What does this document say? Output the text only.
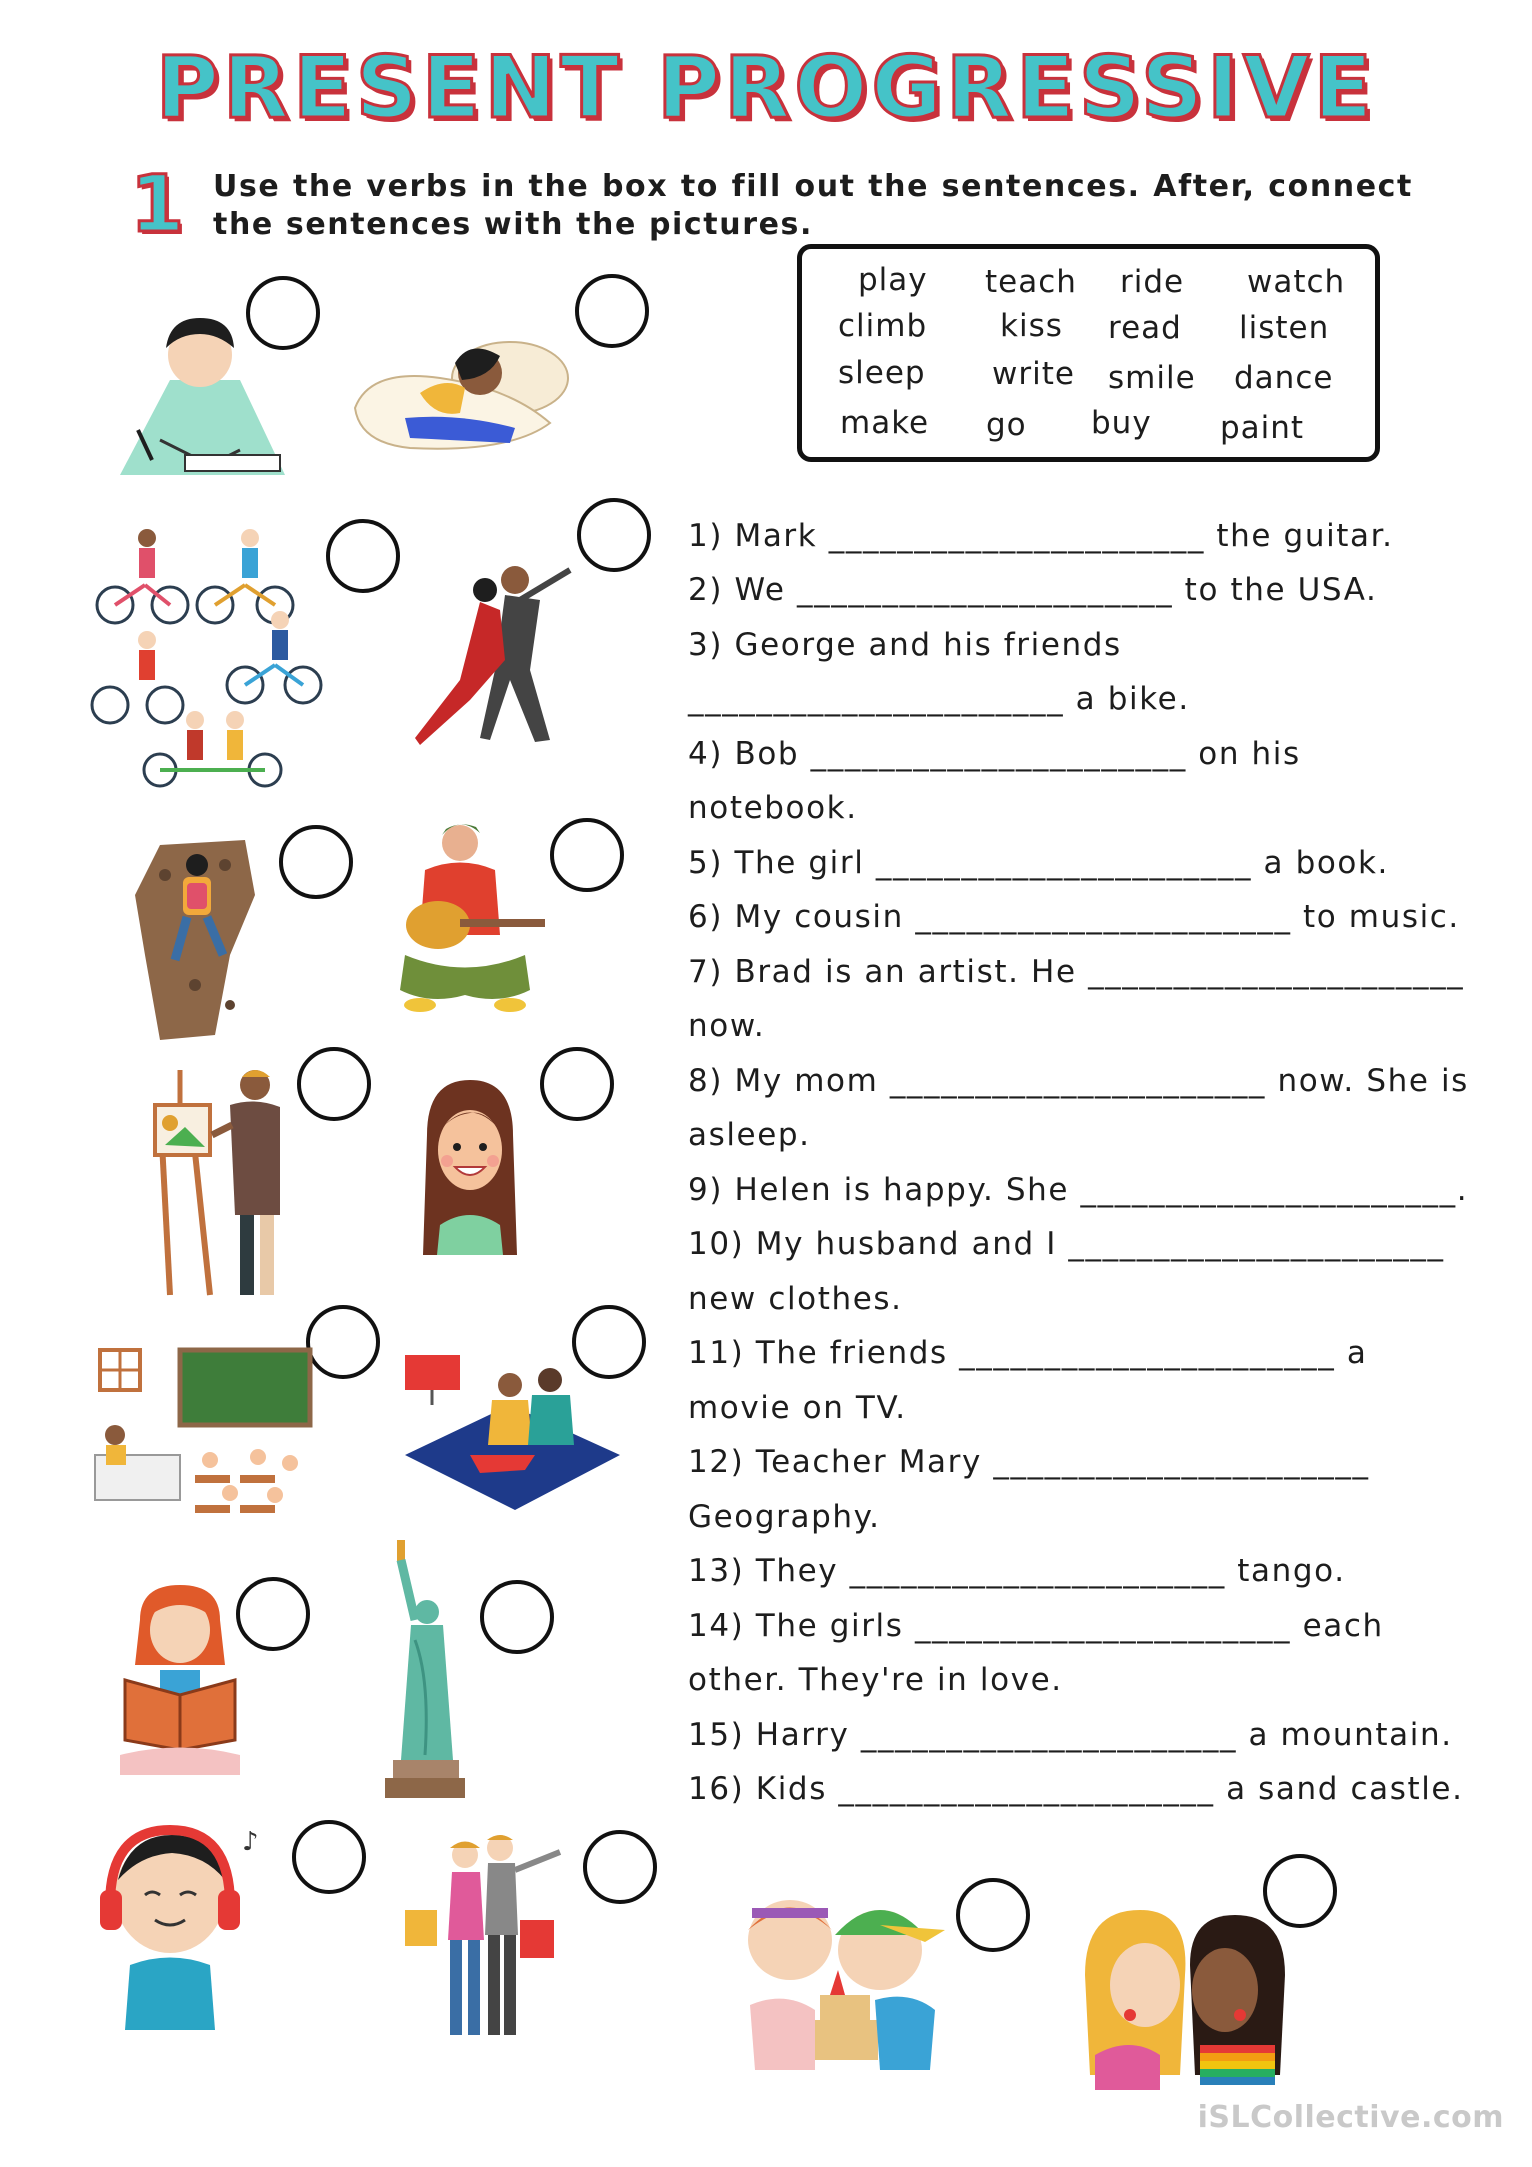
PRESENT PROGRESSIVE
1 Use the verbs in the box to fill out the sentences. After, connect the sentences with the pictures.
play teach ride watch
climb kiss read listen
sleep write smile dance
make go buy paint
1) Mark ______________________ the guitar.
2) We ______________________ to the USA.
3) George and his friends
______________________ a bike.
4) Bob ______________________ on his
notebook.
5) The girl ______________________ a book.
6) My cousin ______________________ to music.
7) Brad is an artist. He ______________________
now.
8) My mom ______________________ now. She is
asleep.
9) Helen is happy. She ______________________.
10) My husband and I ______________________
new clothes.
11) The friends ______________________ a
movie on TV.
12) Teacher Mary ______________________
Geography.
13) They ______________________ tango.
14) The girls ______________________ each
other. They're in love.
15) Harry ______________________ a mountain.
16) Kids ______________________ a sand castle.
♪
iSLCollective.com
